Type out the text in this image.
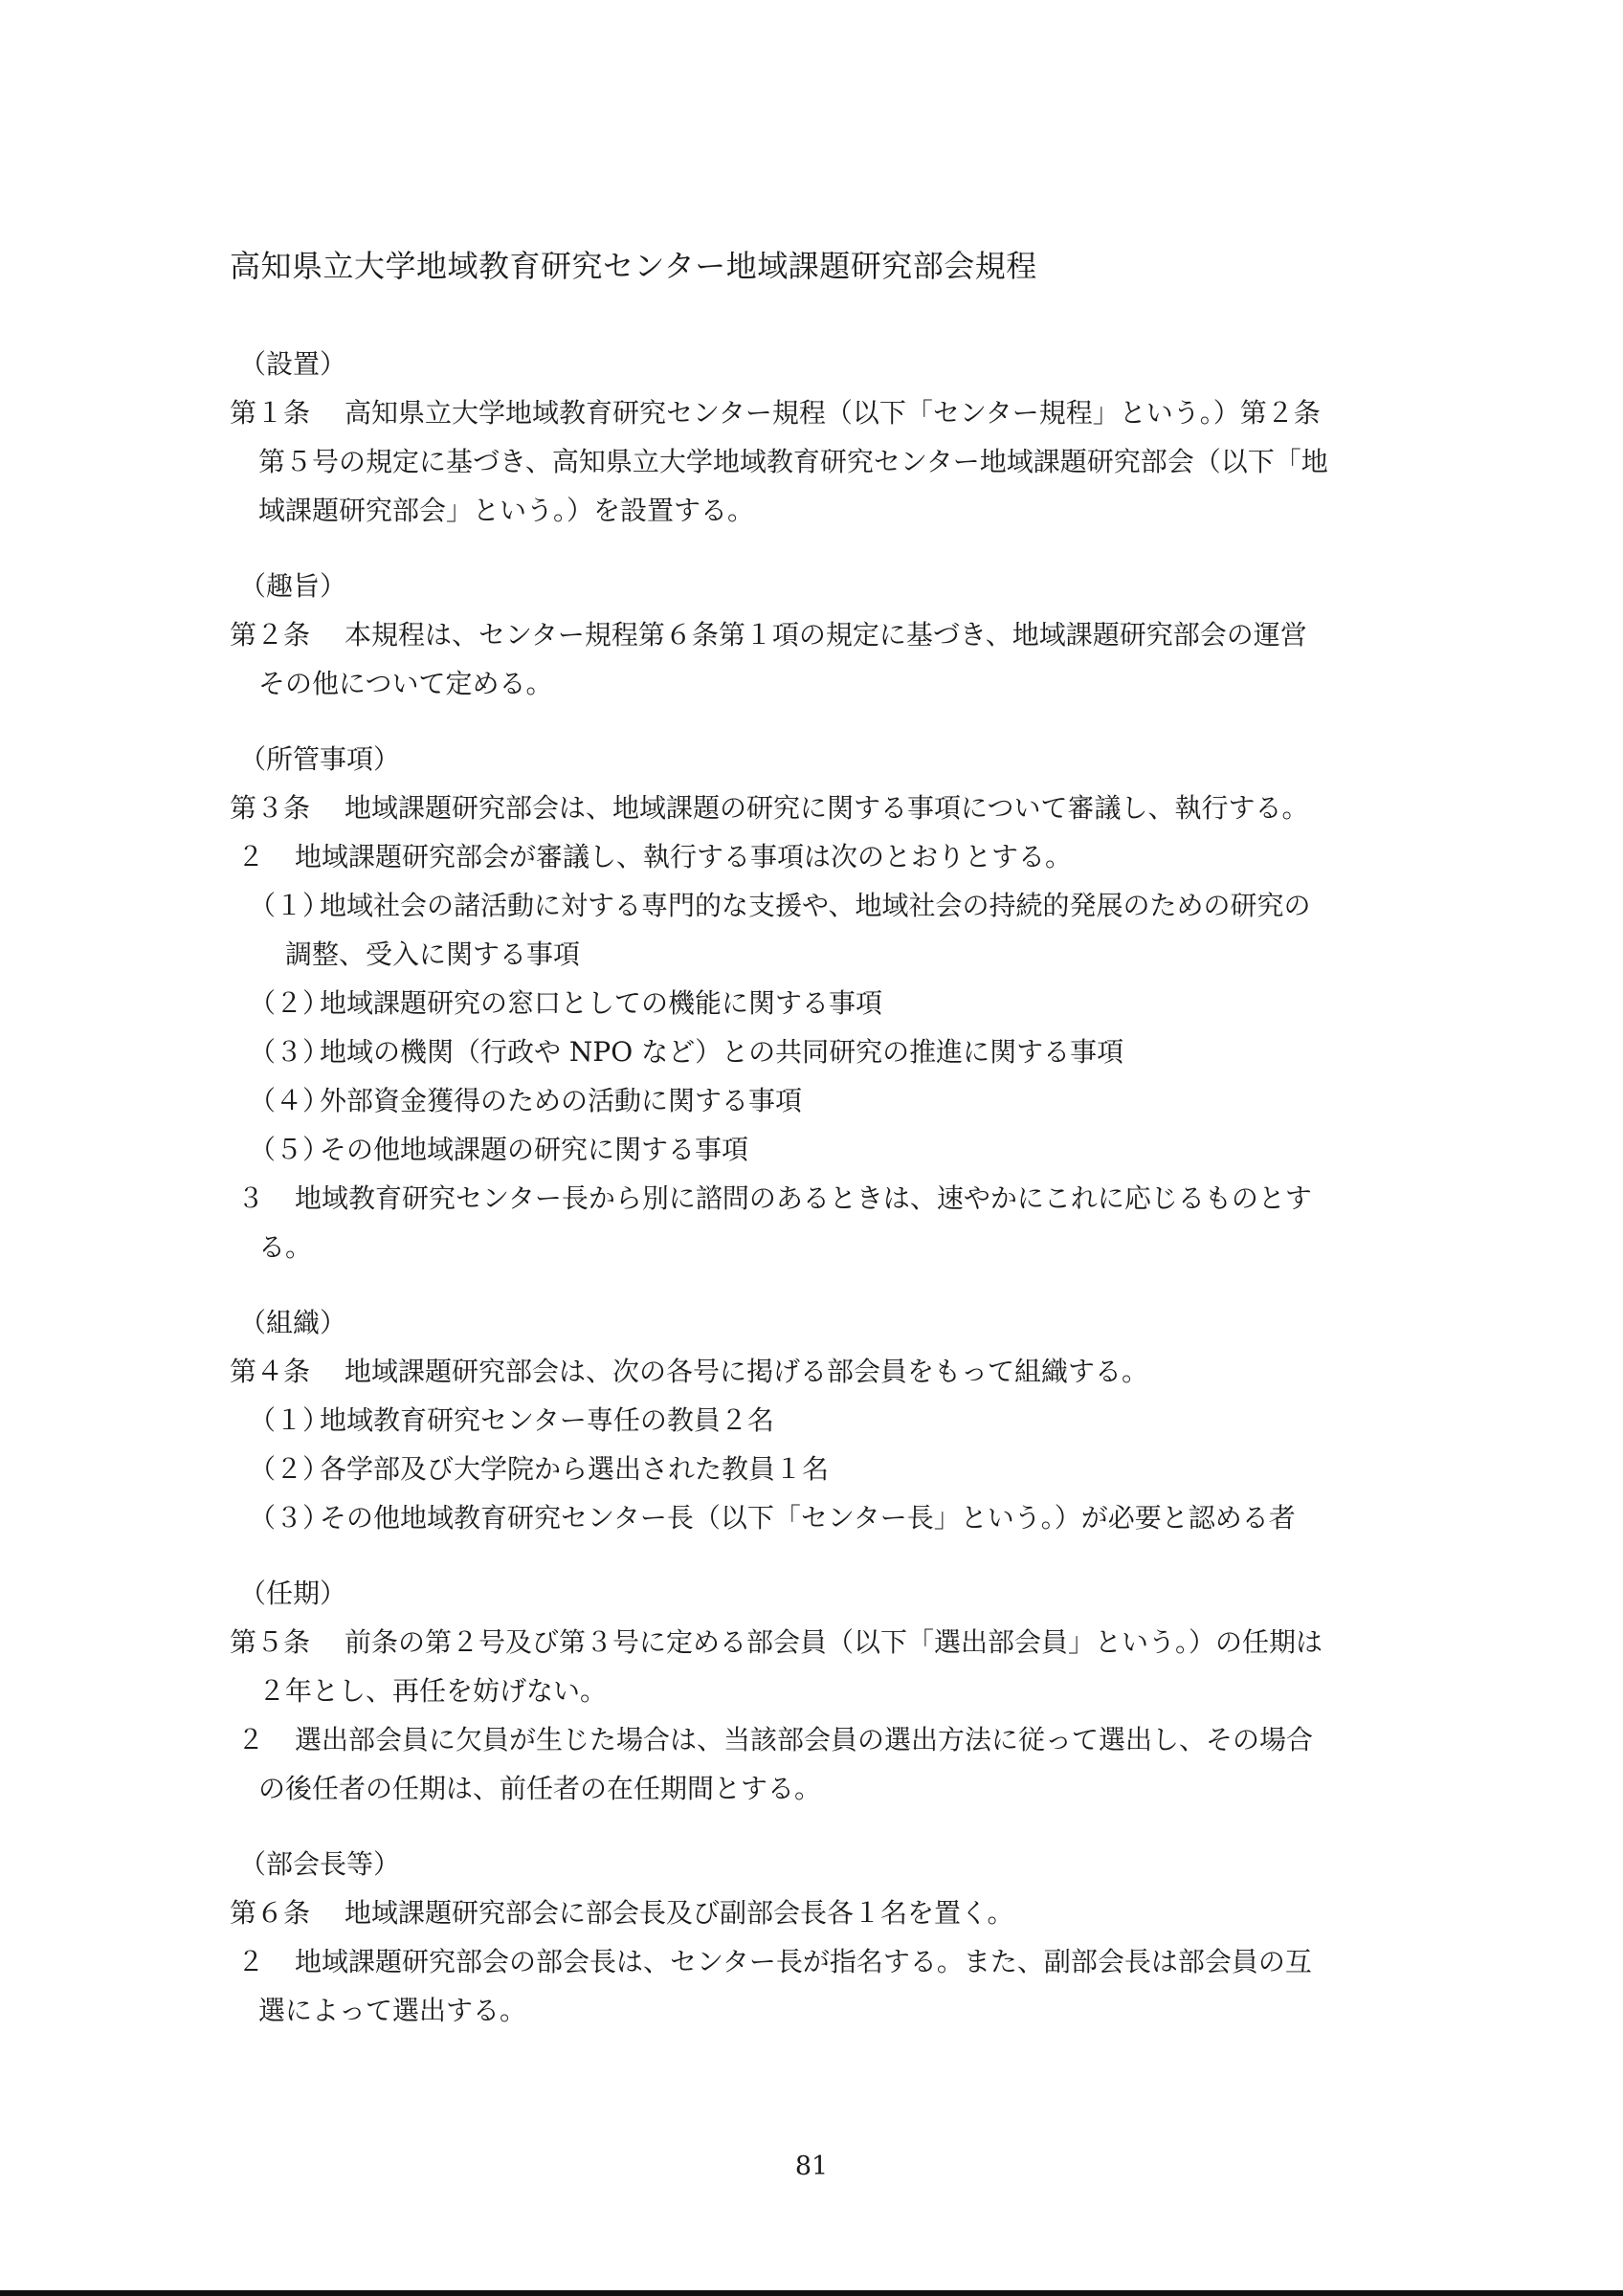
高知県立大学地域教育研究センター地域課題研究部会規程
（設置）
第１条 高知県立大学地域教育研究センター規程（以下「センター規程」という。）第２条
第５号の規定に基づき、高知県立大学地域教育研究センター地域課題研究部会（以下「地
域課題研究部会」という。）を設置する。
（趣旨）
第２条 本規程は、センター規程第６条第１項の規定に基づき、地域課題研究部会の運営
その他について定める。
（所管事項）
第３条 地域課題研究部会は、地域課題の研究に関する事項について審議し、執行する。
２ 地域課題研究部会が審議し、執行する事項は次のとおりとする。
（１）地域社会の諸活動に対する専門的な支援や、地域社会の持続的発展のための研究の
調整、受入に関する事項
（２）地域課題研究の窓口としての機能に関する事項
（３）地域の機関（行政や NPO など）との共同研究の推進に関する事項
（４）外部資金獲得のための活動に関する事項
（５）その他地域課題の研究に関する事項
３ 地域教育研究センター長から別に諮問のあるときは、速やかにこれに応じるものとす
る。
（組織）
第４条 地域課題研究部会は、次の各号に掲げる部会員をもって組織する。
（１）地域教育研究センター専任の教員２名
（２）各学部及び大学院から選出された教員１名
（３）その他地域教育研究センター長（以下「センター長」という。）が必要と認める者
（任期）
第５条 前条の第２号及び第３号に定める部会員（以下「選出部会員」という。）の任期は
２年とし、再任を妨げない。
２ 選出部会員に欠員が生じた場合は、当該部会員の選出方法に従って選出し、その場合
の後任者の任期は、前任者の在任期間とする。
（部会長等）
第６条 地域課題研究部会に部会長及び副部会長各１名を置く。
２ 地域課題研究部会の部会長は、センター長が指名する。また、副部会長は部会員の互
選によって選出する。
81
